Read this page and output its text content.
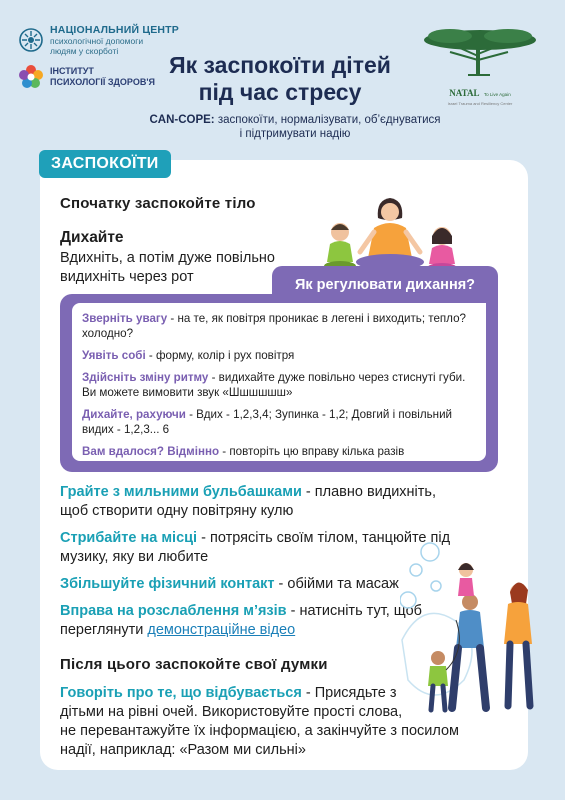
НАЦІОНАЛЬНИЙ ЦЕНТР
психологічної допомоги
людям у скорботі
ІНСТИТУТ
ПСИХОЛОГІЇ ЗДОРОВ'Я
NATAL To Live Again
Israel Trauma and Resiliency Center
Як заспокоїти дітей
під час стресу
CAN-COPE: заспокоїти, нормалізувати, об’єднуватися
і підтримувати надію
ЗАСПОКОЇТИ
Спочатку заспокойте тіло
Дихайте
Вдихніть, а потім дуже повільно
видихніть через рот	Як регулювати дихання?

Зверніть увагу - на те, як повітря проникає в легені і виходить; тепло? холодно?

Уявіть собі - форму, колір і рух повітря

Здійсніть зміну ритму - видихайте дуже повільно через стиснуті губи. Ви можете вимовити звук «Шшшшшш»

Дихайте, рахуючи - Вдих - 1,2,3,4; Зупинка - 1,2; Довгий і повільний видих - 1,2,3... 6

Вам вдалося? Відмінно - повторіть цю вправу кілька разів

Грайте з мильними бульбашками - плавно видихніть,
щоб створити одну повітряну кулю
Стрибайте на місці - потрясіть своїм тілом, танцюйте під
музику, яку ви любите
Збільшуйте фізичний контакт - обійми та масаж
Вправа на розслаблення м’язів - натисніть тут, щоб
переглянути демонстраційне відео
Після цього заспокойте свої думки
Говоріть про те, що відбувається - Присядьте з
дітьми на рівні очей. Використовуйте прості слова,
не перевантажуйте їх інформацією, а закінчуйте з посилом
надії, наприклад: «Разом ми сильні»
